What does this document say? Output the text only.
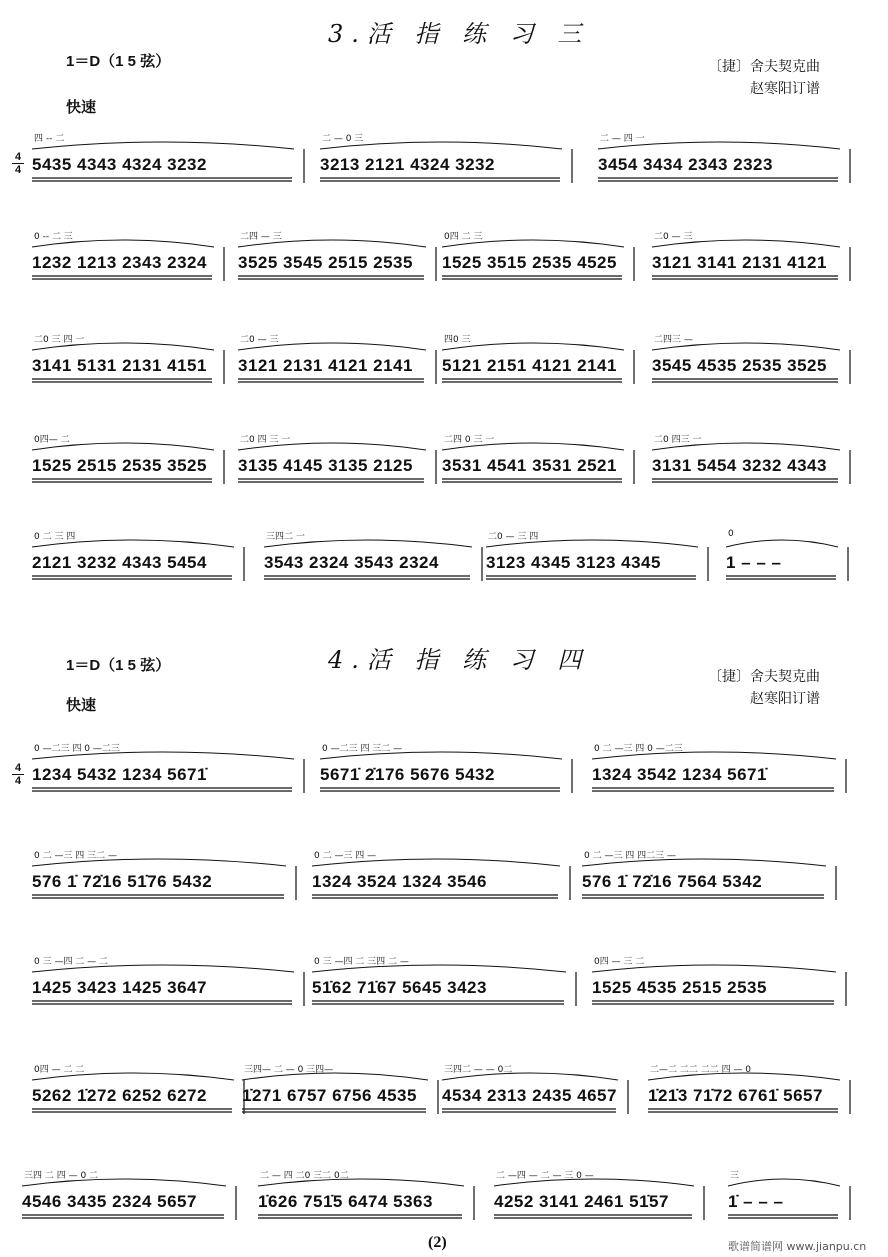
3.活 指 练 习 三
1＝D（1 5 弦）	〔捷〕舍夫契克曲
赵寒阳订谱
快速
4
4
4.活 指 练 习 四
1＝D（1 5 弦）
〔捷〕舍夫契克曲
赵寒阳订谱
快速
4
4
四 -- 二
5435 4343 4324 3232
二 — 0 三
3213 2121 4324 3232
二 — 四 一
3454 3434 2343 2323
0 -- 二 三
1232 1213 2343 2324
二四 — 三
3525 3545 2515 2535
0四 二 三
1525 3515 2535 4525
二0 — 三
3121 3141 2131 4121
二0 三 四 一
3141 5131 2131 4151
二0 — 三
3121 2131 4121 2141
四0 三
5121 2151 4121 2141
二四三 —
3545 4535 2535 3525
0四— 二
1525 2515 2535 3525
二0 四 三 一
3135 4145 3135 2125
二四 0 三 一
3531 4541 3531 2521
二0 四三 一
3131 5454 3232 4343
0 二 三 四
2121 3232 4343 5454
三四二 一
3543 2324 3543 2324
二0 — 三 四
3123 4345 3123 4345
0
1 – – –
0 —二三 四 0 —二三
1234 5432 1234 5671̇
0 —二三 四 三二 —
5671̇ 2̇176 5676 5432
0 二 —三 四 0 —二三
1324 3542 1234 5671̇
0 二 —三 四 三二 —
576 1̇ 72̇16 51̇76 5432
0 二 —三 四 —
1324 3524 1324 3546
0 二 —三 四 四二三 —
576 1̇ 72̇16 7564 5342
0 三 —四 二 — 二
1425 3423 1425 3647
0 三 —四 二 三四 二 —
51̇62 71̇67 5645 3423
0四 — 三 二
1525 4535 2515 2535
0四 — 二 二
5262 1̇272 6252 6272
三四— 二 — 0 三四—
1̇271 6757 6756 4535
三四二 — — 0二
4534 2313 2435 4657
二—二 二二 二二 四 — 0
1̇21̇3 71̇72 6761̇ 5657
三四 二 四 — 0 二
4546 3435 2324 5657
二 — 四 二0 三二 0二
1̇626 751̇5 6474 5363
二 —四 — 二 — 三 0 —
4252 3141 2461 51̇57
三
1̇ – – –
(2)	歌谱简谱网 www.jianpu.cn
